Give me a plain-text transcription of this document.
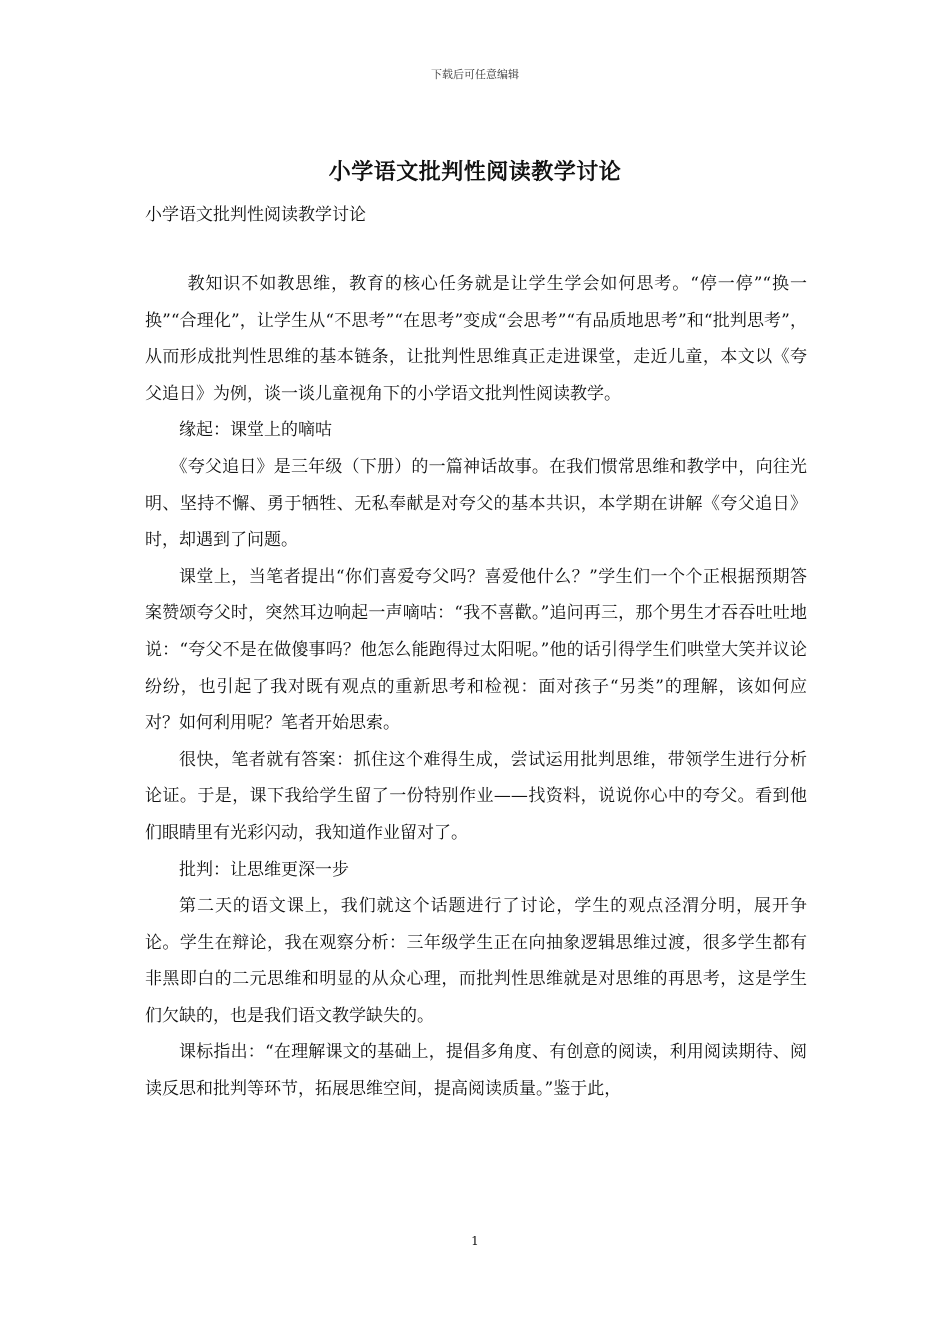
下载后可任意编辑
小学语文批判性阅读教学讨论
小学语文批判性阅读教学讨论

教知识不如教思维，教育的核心任务就是让学生学会如何思考。“停一停”“换一换”“合理化”，让学生从“不思考”“在思考”变成“会思考”“有品质地思考”和“批判思考”，从而形成批判性思维的基本链条，让批判性思维真正走进课堂，走近儿童，本文以《夸父追日》为例，谈一谈儿童视角下的小学语文批判性阅读教学。

缘起：课堂上的嘀咕

《夸父追日》是三年级（下册）的一篇神话故事。在我们惯常思维和教学中，向往光明、坚持不懈、勇于牺牲、无私奉献是对夸父的基本共识，本学期在讲解《夸父追日》时，却遇到了问题。

课堂上，当笔者提出“你们喜爱夸父吗？喜爱他什么？”学生们一个个正根据预期答案赞颂夸父时，突然耳边响起一声嘀咕：“我不喜歡。”追问再三，那个男生才吞吞吐吐地说：“夸父不是在做傻事吗？他怎么能跑得过太阳呢。”他的话引得学生们哄堂大笑并议论纷纷，也引起了我对既有观点的重新思考和检视：面对孩子“另类”的理解，该如何应对？如何利用呢？笔者开始思索。

很快，笔者就有答案：抓住这个难得生成，尝试运用批判思维，带领学生进行分析论证。于是，课下我给学生留了一份特别作业——找资料，说说你心中的夸父。看到他们眼睛里有光彩闪动，我知道作业留对了。

批判：让思维更深一步

第二天的语文课上，我们就这个话题进行了讨论，学生的观点泾渭分明，展开争论。学生在辩论，我在观察分析：三年级学生正在向抽象逻辑思维过渡，很多学生都有非黑即白的二元思维和明显的从众心理，而批判性思维就是对思维的再思考，这是学生们欠缺的，也是我们语文教学缺失的。

课标指出：“在理解课文的基础上，提倡多角度、有创意的阅读，利用阅读期待、阅读反思和批判等环节，拓展思维空间，提高阅读质量。”鉴于此，

1
